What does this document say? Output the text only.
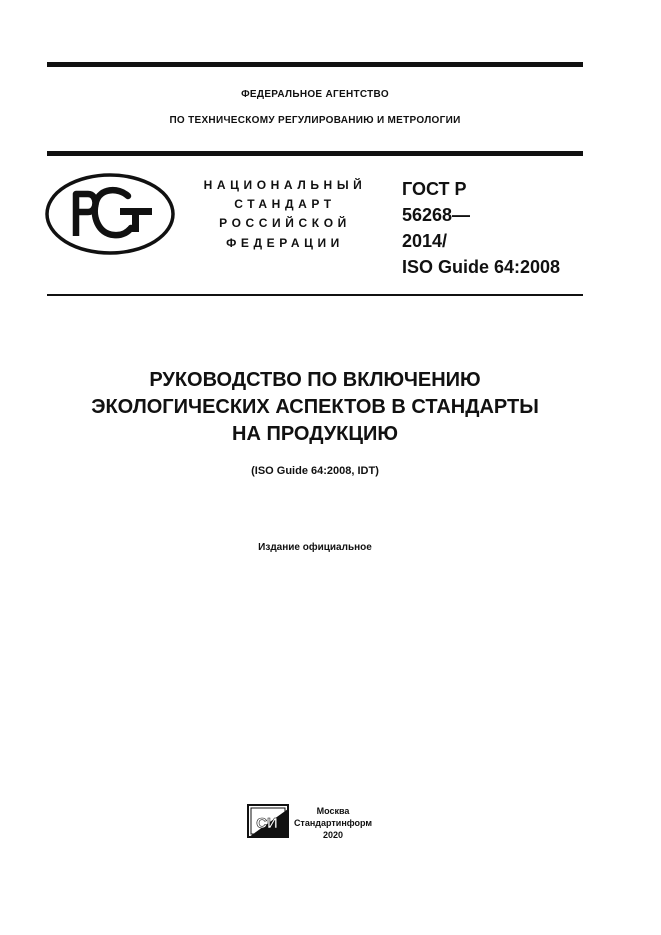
ФЕДЕРАЛЬНОЕ АГЕНТСТВО
ПО ТЕХНИЧЕСКОМУ РЕГУЛИРОВАНИЮ И МЕТРОЛОГИИ
РСТ
НАЦИОНАЛЬНЫЙ
СТАНДАРТ
РОССИЙСКОЙ
ФЕДЕРАЦИИ
ГОСТ Р
56268—
2014/
ISO Guide 64:2008
РУКОВОДСТВО ПО ВКЛЮЧЕНИЮ
ЭКОЛОГИЧЕСКИХ АСПЕКТОВ В СТАНДАРТЫ
НА ПРОДУКЦИЮ
(ISO Guide 64:2008, IDT)
Издание официальное
СИ
Москва
Стандартинформ
2020
